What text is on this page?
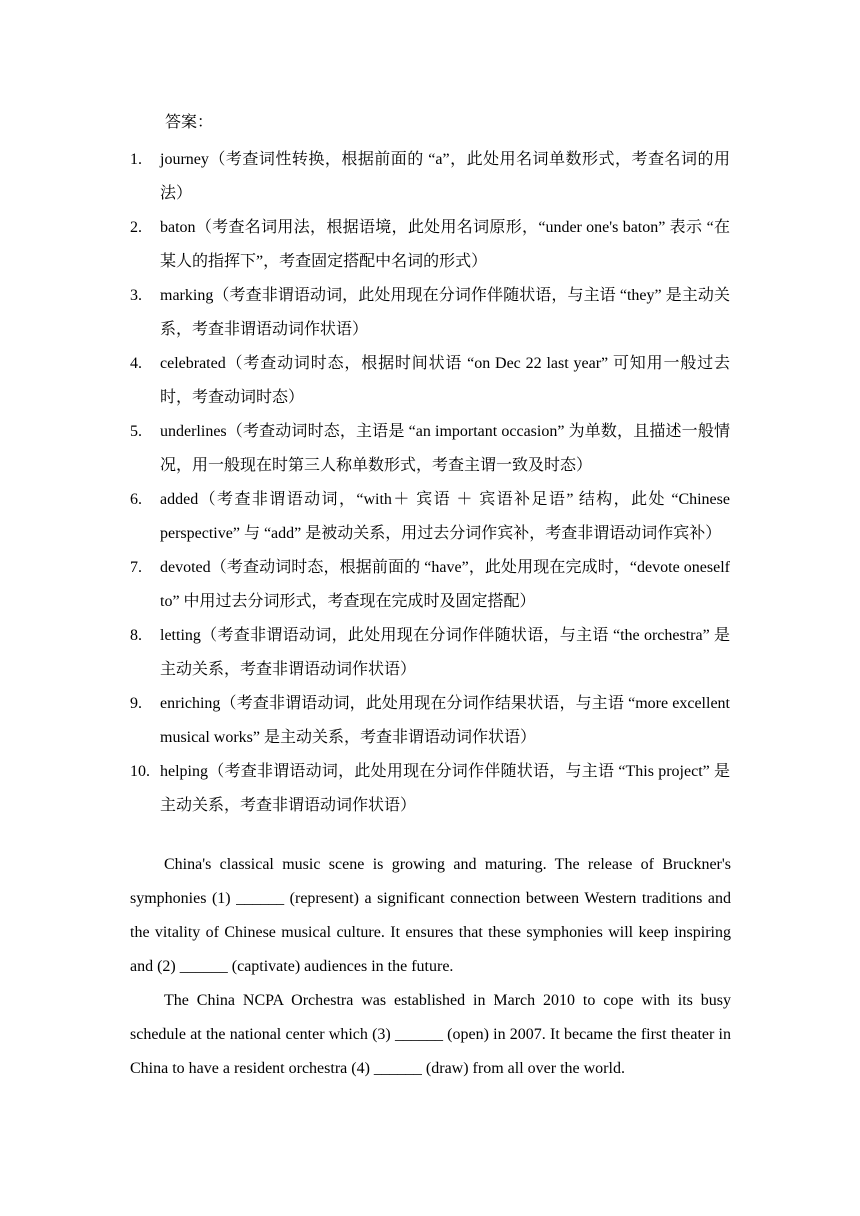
答案：
1.	journey（考查词性转换，根据前面的 “a”，此处用名词单数形式，考查名词的用法）
2.	baton（考查名词用法，根据语境，此处用名词原形，“under one's baton” 表示 “在某人的指挥下”，考查固定搭配中名词的形式）
3.	marking（考查非谓语动词，此处用现在分词作伴随状语，与主语 “they” 是主动关系，考查非谓语动词作状语）
4.	celebrated（考查动词时态，根据时间状语 “on Dec 22 last year” 可知用一般过去时，考查动词时态）
5.	underlines（考查动词时态，主语是 “an important occasion” 为单数，且描述一般情况，用一般现在时第三人称单数形式，考查主谓一致及时态）
6.	added（考查非谓语动词，“with＋ 宾语 ＋ 宾语补足语” 结构，此处 “Chinese perspective” 与 “add” 是被动关系，用过去分词作宾补，考查非谓语动词作宾补）
7.	devoted（考查动词时态，根据前面的 “have”，此处用现在完成时，“devote oneself to” 中用过去分词形式，考查现在完成时及固定搭配）
8.	letting（考查非谓语动词，此处用现在分词作伴随状语，与主语 “the orchestra” 是主动关系，考查非谓语动词作状语）
9.	enriching（考查非谓语动词，此处用现在分词作结果状语，与主语 “more excellent musical works” 是主动关系，考查非谓语动词作状语）
10. helping（考查非谓语动词，此处用现在分词作伴随状语，与主语 “This project” 是主动关系，考查非谓语动词作状语）

China's classical music scene is growing and maturing. The release of Bruckner's symphonies (1) ______ (represent) a significant connection between Western traditions and the vitality of Chinese musical culture. It ensures that these symphonies will keep inspiring and (2) ______ (captivate) audiences in the future.

The China NCPA Orchestra was established in March 2010 to cope with its busy schedule at the national center which (3) ______ (open) in 2007. It became the first theater in China to have a resident orchestra (4) ______ (draw) from all over the world.
